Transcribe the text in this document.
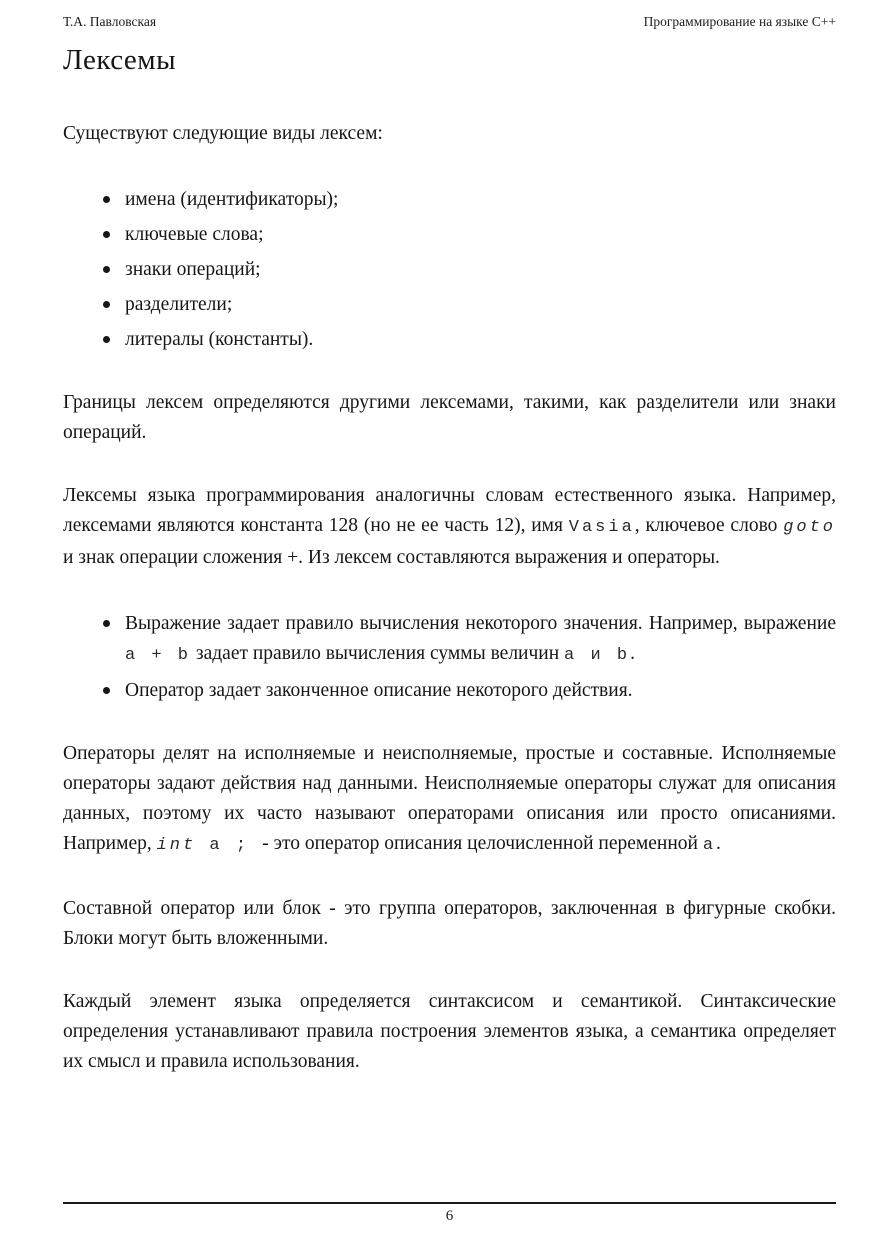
Т.А. Павловская	Программирование на языке C++
Лексемы

Существуют следующие виды лексем:

имена (идентификаторы);
ключевые слова;
знаки операций;
разделители;
литералы (константы).

Границы лексем определяются другими лексемами, такими, как разделители или знаки операций.

Лексемы языка программирования аналогичны словам естественного языка. Например, лексемами являются константа 128 (но не ее часть 12), имя Vasia, ключевое слово goto и знак операции сложения +. Из лексем составляются выражения и операторы.

Выражение задает правило вычисления некоторого значения. Например, выражение a + b задает правило вычисления суммы величин a и b.
Оператор задает законченное описание некоторого действия.

Операторы делят на исполняемые и неисполняемые, простые и составные. Исполняемые операторы задают действия над данными. Неисполняемые операторы служат для описания данных, поэтому их часто называют операторами описания или просто описаниями. Например, int a ; - это оператор описания целочисленной переменной a.

Составной оператор или блок - это группа операторов, заключенная в фигурные скобки. Блоки могут быть вложенными.

Каждый элемент языка определяется синтаксисом и семантикой. Синтаксические определения устанавливают правила построения элементов языка, а семантика определяет их смысл и правила использования.

6
